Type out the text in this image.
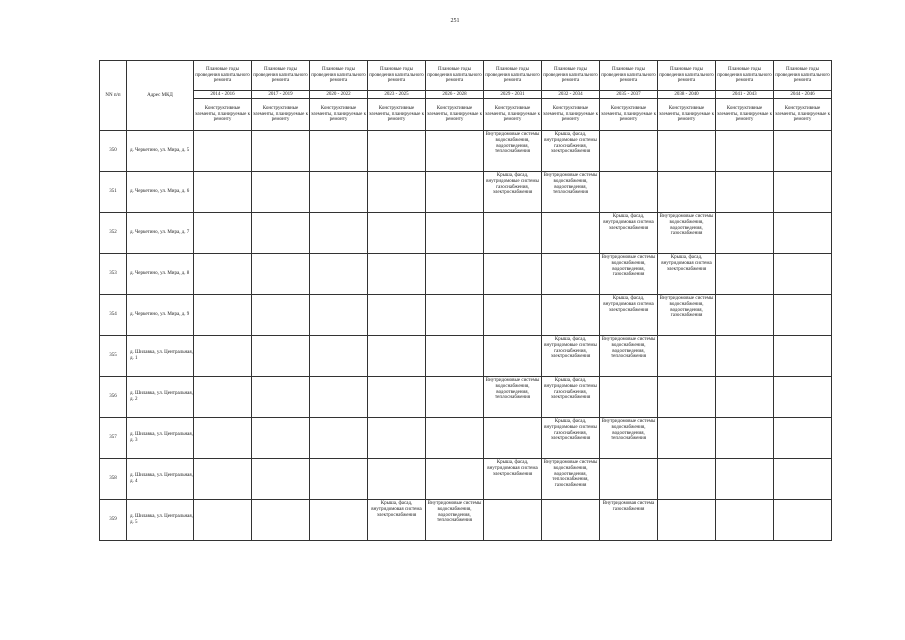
251
NN п/п	Адрес МКД	Плановые годы проведения капитального ремонта	Плановые годы проведения капитального ремонта	Плановые годы проведения капитального ремонта	Плановые годы проведения капитального ремонта	Плановые годы проведения капитального ремонта	Плановые годы проведения капитального ремонта	Плановые годы проведения капитального ремонта	Плановые годы проведения капитального ремонта	Плановые годы проведения капитального ремонта	Плановые годы проведения капитального ремонта	Плановые годы проведения капитального ремонта
		2014 - 2016	2017 - 2019	2020 - 2022	2023 - 2025	2026 - 2028	2029 - 2031	2032 - 2034	2035 - 2037	2038 - 2040	2041 - 2043	2044 - 2046
		Конструктивные элементы, планируемые к ремонту	Конструктивные элементы, планируемые к ремонту	Конструктивные элементы, планируемые к ремонту	Конструктивные элементы, планируемые к ремонту	Конструктивные элементы, планируемые к ремонту	Конструктивные элементы, планируемые к ремонту	Конструктивные элементы, планируемые к ремонту	Конструктивные элементы, планируемые к ремонту	Конструктивные элементы, планируемые к ремонту	Конструктивные элементы, планируемые к ремонту	Конструктивные элементы, планируемые к ремонту
350	д. Черкетино, ул. Мира, д. 5						Внутридомовые системы водоснабжения, водоотведения, теплоснабжения	Крыша, фасад, внутридомовые системы газоснабжения, электроснабжения				
351	д. Черкетино, ул. Мира, д. 6						Крыша, фасад, внутридомовые системы газоснабжения, электроснабжения	Внутридомовые системы водоснабжения, водоотведения, теплоснабжения				
352	д. Черкетино, ул. Мира, д. 7								Крыша, фасад, внутридомовая система электроснабжения	Внутридомовые системы водоснабжения, водоотведения, газоснабжения		
353	д. Черкетино, ул. Мира, д. 8								Внутридомовые системы водоснабжения, водоотведения, газоснабжения	Крыша, фасад, внутридомовая система электроснабжения		
354	д. Черкетино, ул. Мира, д. 9								Крыша, фасад, внутридомовая система электроснабжения	Внутридомовые системы водоснабжения, водоотведения, газоснабжения		
355	д. Шилавка, ул. Центральная, д. 1							Крыша, фасад, внутридомовые системы газоснабжения, электроснабжения	Внутридомовые системы водоснабжения, водоотведения, теплоснабжения			
356	д. Шилавка, ул. Центральная, д. 2						Внутридомовые системы водоснабжения, водоотведения, теплоснабжения	Крыша, фасад, внутридомовые системы газоснабжения, электроснабжения				
357	д. Шилавка, ул. Центральная, д. 3							Крыша, фасад, внутридомовые системы газоснабжения, электроснабжения	Внутридомовые системы водоснабжения, водоотведения, теплоснабжения			
358	д. Шилавка, ул. Центральная, д. 4						Крыша, фасад, внутридомовая система электроснабжения	Внутридомовые системы водоснабжения, водоотведения, теплоснабжения, газоснабжения				
359	д. Шилавка, ул. Центральная, д. 5				Крыша, фасад, внутридомовая система электроснабжения	Внутридомовые системы водоснабжения, водоотведения, теплоснабжения			Внутридомовая система газоснабжения			
